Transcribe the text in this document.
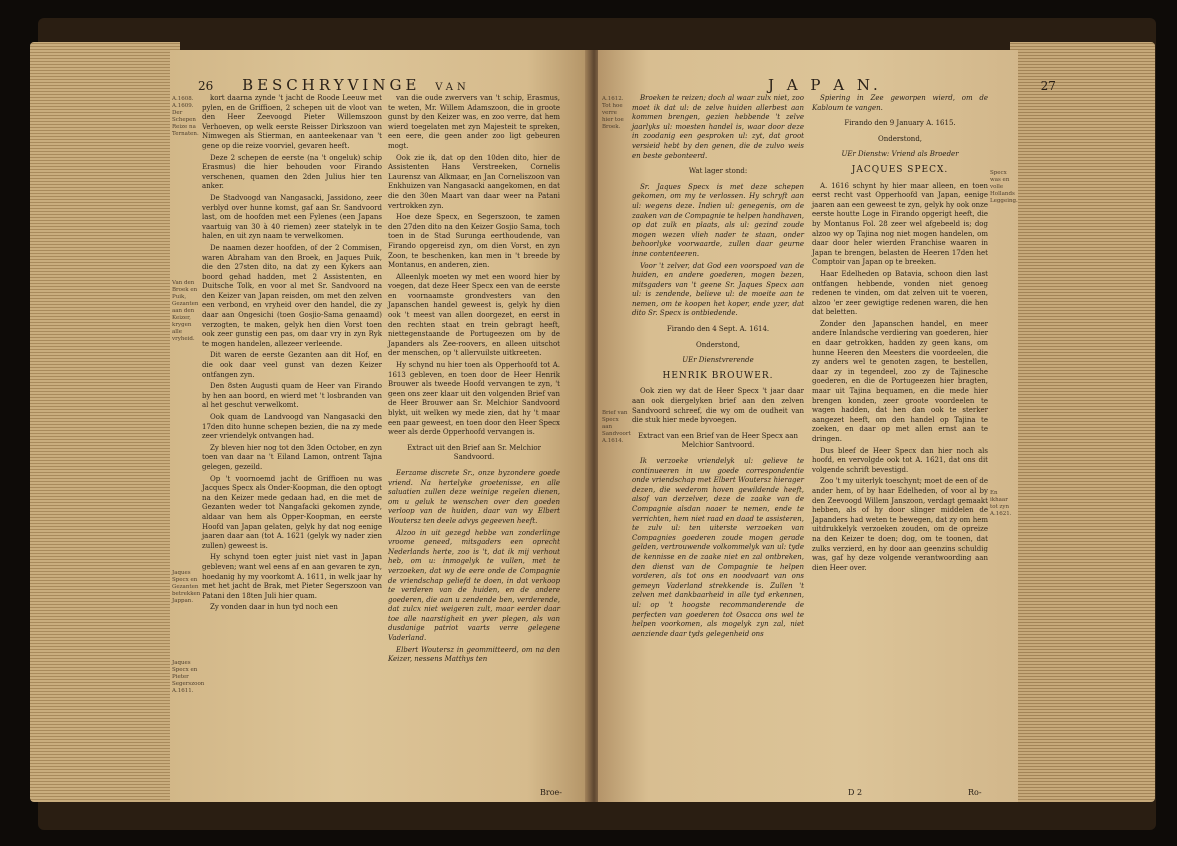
26 BESCHRYVINGE VAN
A.1608. A.1609. Der Schepen Reize na Ternaten.
Van den Broek en Puik, Gezanten aan den Keizer, krygen alle vryheid.
Jaques Specx en Gezanten betrekken Jappan.
Jaques Specx en Pieter Segerszoon A.1611.

kort daarna zynde 't jacht de Roode Leeuw met pylen, en de Griffioen, 2 schepen uit de vloot van den Heer Zeevoogd Pieter Willemszoon Verhoeven, op welk eerste Reisser Dirkszoon van Nimwegen als Stierman, en aanteekenaar van 't gene op die reize voorviel, gevaren heeft.

Deze 2 schepen de eerste (na 't ongeluk) schip Erasmus) die hier behouden voor Firando verschenen, quamen den 2den Julius hier ten anker.

De Stadvoogd van Nangasacki, Jassidono, zeer verblyd over hunne komst, gaf aan Sr. Sandvoord last, om de hoofden met een Fylenes (een Japans vaartuig van 30 à 40 riemen) zeer statelyk in te halen, en uit zyn naam te verwelkomen.

De naamen dezer hoofden, of der 2 Commisen, waren Abraham van den Broek, en Jaques Puik, die den 27sten dito, na dat zy een Kykers aan boord gehad hadden, met 2 Assistenten, en Duitsche Tolk, en voor al met Sr. Sandvoord na den Keizer van Japan reisden, om met den zelven een verbond, en vryheid over den handel, die zy daar aan Ongesichi (toen Gosjio-Sama genaamd) verzogten, te maken, gelyk hen dien Vorst toen ook zeer gunstig een pas, om daar vry in zyn Ryk te mogen handelen, allezeer verleende.

Dit waren de eerste Gezanten aan dit Hof, en die ook daar veel gunst van dezen Keizer ontfangen zyn.

Den 8sten Augusti quam de Heer van Firando by hen aan boord, en wierd met 't losbranden van al het geschut verwelkomt.

Ook quam de Landvoogd van Nangasacki den 17den dito hunne schepen bezien, die na zy mede zeer vriendelyk ontvangen had.

Zy bleven hier nog tot den 3den October, en zyn toen van daar na 't Eiland Lamon, ontrent Tajna gelegen, gezeild.

Op 't voornoemd jacht de Griffioen nu was Jacques Specx als Onder-Koopman, die den optogt na den Keizer mede gedaan had, en die met de Gezanten weder tot Nangafacki gekomen zynde, aldaar van hem als Opper-Koopman, en eerste Hoofd van Japan gelaten, gelyk hy dat nog eenige jaaren daar aan (tot A. 1621 (gelyk wy nader zien zullen) geweest is.

Hy schynd toen egter juist niet vast in Japan gebleven; want wel eens af en aan gevaren te zyn, hoedanig hy my voorkomt A. 1611, in welk jaar hy met het jacht de Brak, met Pieter Segerszoon van Patani den 18ten Juli hier quam.

Zy vonden daar in hun tyd noch een

van die oude zwervers van 't schip, Erasmus, te weten, Mr. Willem Adamszoon, die in groote gunst by den Keizer was, en zoo verre, dat hem wierd toegelaten met zyn Majesteit te spreken, een eere, die geen ander zoo ligt gebeuren mogt.

Ook zie ik, dat op den 10den dito, hier de Assistenten Hans Verstreeken, Cornelis Laurensz van Alkmaar, en Jan Corneliszoon van Enkhuizen van Nangasacki aangekomen, en dat die den 30en Maart van daar weer na Patani vertrokken zyn.

Hoe deze Specx, en Segerszoon, te zamen den 27den dito na den Keizer Gosjio Sama, toch toen in de Stad Surunga eerthoudende, van Firando opgereisd zyn, om dien Vorst, en zyn Zoon, te beschenken, kan men in 't breede by Montanus, en anderen, zien.

Alleenlyk moeten wy met een woord hier by voegen, dat deze Heer Specx een van de eerste en voornaamste grondvesters van den Japanschen handel geweest is, gelyk hy dien ook 't meest van allen doorgezet, en eerst in den rechten staat en trein gebragt heeft, niettegenstaande de Portugeezen om by de Japanders als Zee-roovers, en alleen uitschot der menschen, op 't allervuilste uitkreeten.

Hy schynd nu hier toen als Opperhoofd tot A. 1613 gebleven, en toen door de Heer Henrik Brouwer als tweede Hoofd vervangen te zyn, 't geen ons zeer klaar uit den volgenden Brief van de Heer Brouwer aan Sr. Melchior Sandvoord blykt, uit welken wy mede zien, dat hy 't maar een paar geweest, en toen door den Heer Specx weer als derde Opperhoofd vervangen is.

Extract uit den Brief aan Sr. Melchior Sandvoord.

Eerzame discrete Sr., onze byzondere goede vriend. Na hertelyke groetenisse, en alle saluatien zullen deze weinige regelen dienen, om u geluk te wenschen over den goeden verloop van de huiden, daar van wy Elbert Woutersz ten deele advys gegeeven heeft.

Alzoo in uit gezegd hebbe van zonderlinge vroome geneed, mitsgaders een oprecht Nederlands herte, zoo is 't, dat ik mij verhout heb, om u: inmogelyk te vullen, met te verzoeken, dat wy de eere onde de Compagnie de vriendschap geliefd te doen, in dat verkoop te verderen van de huiden, en de andere goederen, die aan u zendende ben, verderende, dat zulcx niet weigeren zult, maar eerder daar toe alle naarstigheit en yver plegen, als van dusdanige patriot vaarts verre gelegene Vaderland.

Elbert Woutersz in geommitteerd, om na den Keizer, nessens Matthys ten

Broe-
J A P A N.	27
A.1612. Tot hoe verre hier toe Broek.
Brief van Specx aan Sandvoort A.1614.
Specx was en volle Hollands Leggeing.
En ikhaar tot zyn A.1621.

Broeken te reizen; doch al waar zulx niet, zoo moet ik dat ul: de zelve huiden allerbest aan kommen brengen, gezien hebbende 't zelve jaarlyks ul: moesten handel is, waar door deze in zoodanig een gesproken ul: zyt, dat groot versieid hebt by den genen, die de zulvo weis en beste gebonteerd.

Wat lager stond:

Sr. Jaques Specx is met deze schepen gekomen, om my te verlossen. Hy schryft aan ul: wegens deze. Indien ul: genegenis, om de zaaken van de Compagnie te helpen handhaven, op dat zulk en plaats, als ul: gezind zoude mogen wezen vlieh nader te staan, onder behoorlyke voorwaarde, zullen daar geurne inne contenteeren.

Voor 't zelver, dat God een voorspoed van de huiden, en andere goederen, mogen bezen, mitsgaders van 't geene Sr. Jaques Specx aan ul: is zendende, believe ul: de moeite aan te nemen, om te koopen het koper, ende yzer, dat dito Sr. Specx is ontbiedende.

Firando den 4 Sept. A. 1614.

Onderstond,

UEr Dienstvrerende

HENRIK BROUWER.

Ook zien wy dat de Heer Specx 't jaar daar aan ook diergelyken brief aan den zelven Sandvoord schreef, die wy om de oudheit van die stuk hier mede byvoegen.

Extract van een Brief van de Heer Specx aan Melchior Santvoord.

Ik verzoeke vriendelyk ul: gelieve te continueeren in uw goede correspondentie onde vriendschap met Elbert Woutersz hierager dezen, die wederom hoven gewildende heeft, alsof van derzelver, deze de zaake van de Compagnie alsdan naaer te nemen, ende te verrichten, hem niet raad en daad te assisteren, te zulv ul: ten uiterste verzoeken van Compagnies goederen zoude mogen gerade gelden, vertrouwende volkommelyk van ul: tyde de kennisse en de zaake niet en zal ontbreken, den dienst van de Compagnie te helpen vorderen, als tot ons en noodvaart van ons gemeyn Vaderland strekkende is. Zullen 't zelven met dankbaarheid in alle tyd erkennen, ul: op 't hoogste recommanderende de perfecten van goederen tot Osacca ons wel te helpen voorkomen, als mogelyk zyn zal, niet aenziende daar tyds gelegenheid ons

Spiering in Zee geworpen wierd, om de Kabloum te vangen.

Firando den 9 January A. 1615.

Onderstond,

UEr Dienstw: Vriend als Broeder

JACQUES SPECX.

A. 1616 schynt hy hier maar alleen, en toen eerst recht vast Opperhoofd van Japan, eenige jaaren aan een geweest te zyn, gelyk hy ook onze eerste houtte Loge in Firando opgerigt heeft, die by Montanus Fol. 28 zeer wel afgebeeld is; dog alzoo wy op Tajina nog niet mogen handelen, om daar door heler wierden Franchise waaren in Japan te brengen, belasten de Heeren 17den het Comptoir van Japan op te breeken.

Haar Edelheden op Batavia, schoon dien last ontfangen hebbende, vonden niet genoeg redenen te vinden, om dat zelven uit te voeren, alzoo 'er zeer gewigtige redenen waren, die hen dat beletten.

Zonder den Japanschen handel, en meer andere Inlandsche verdiering van goederen, hier en daar getrokken, hadden zy geen kans, om hunne Heeren den Meesters die voordeelen, die zy anders wel te genoten zagen, te bestellen, daar zy in tegendeel, zoo zy de Tajinesche goederen, en die de Portugeezen hier bragten, maar uit Tajina bequamen, en die mede hier brengen konden, zeer groote voordeelen te wagen hadden, dat hen dan ook te sterker aangezet heeft, om den handel op Tajina te zoeken, en daar op met allen ernst aan te dringen.

Dus bleef de Heer Specx dan hier noch als hoofd, en vervolgde ook tot A. 1621, dat ons dit volgende schrift bevestigd.

Zoo 't my uiterlyk toeschynt; moet de een of de ander hem, of by haar Edelheden, of voor al by den Zeevoogd Willem Janszoon, verdagt gemaakt hebben, als of hy door slinger middelen de Japanders had weten te bewegen, dat zy om hem uitdrukkelyk verzoeken zouden, om de opreize na den Keizer te doen; dog, om te toonen, dat zulks verzierd, en hy door aan geenzins schuldig was, gaf hy deze volgende verantwoording aan dien Heer over.

D 2	Ro-
